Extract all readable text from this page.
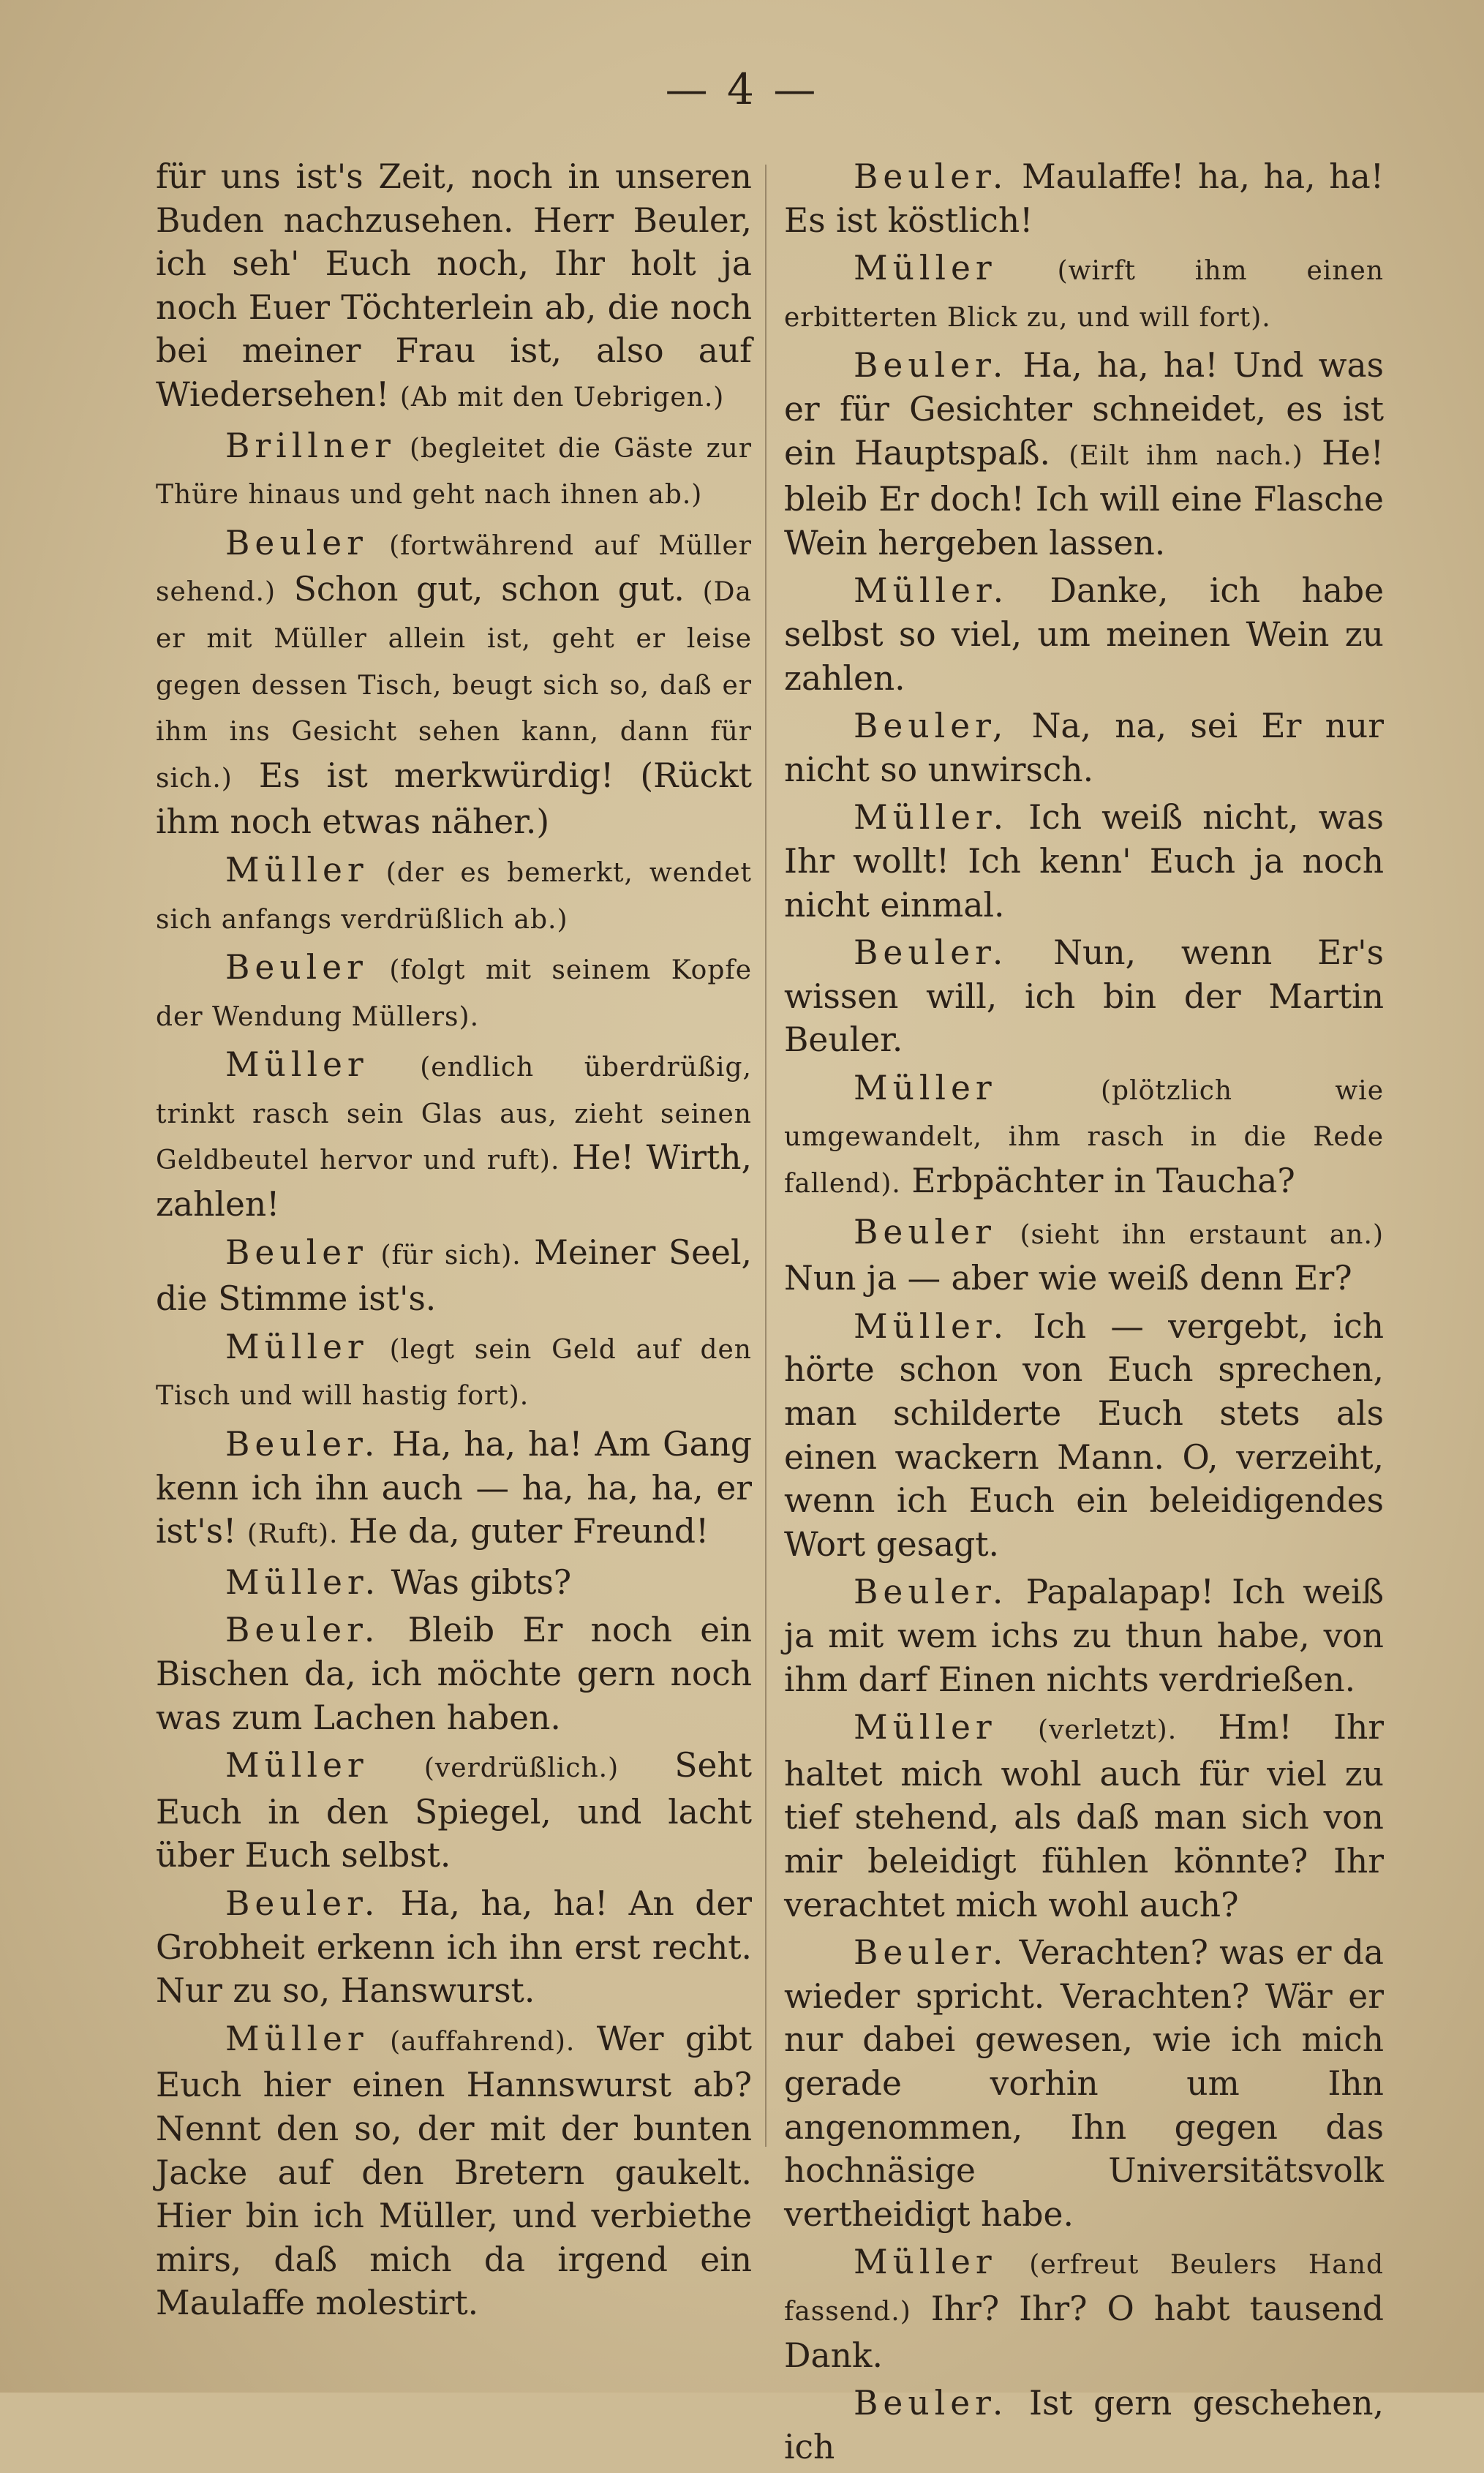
— 4 —

für uns ist's Zeit, noch in unseren Buden nachzusehen. Herr Beuler, ich seh' Euch noch, Ihr holt ja noch Euer Töchterlein ab, die noch bei meiner Frau ist, also auf Wiedersehen! (Ab mit den Uebrigen.)

Brillner (begleitet die Gäste zur Thüre hinaus und geht nach ihnen ab.)

Beuler (fortwährend auf Müller sehend.) Schon gut, schon gut. (Da er mit Müller allein ist, geht er leise gegen dessen Tisch, beugt sich so, daß er ihm ins Gesicht sehen kann, dann für sich.) Es ist merkwürdig! (Rückt ihm noch etwas näher.)

Müller (der es bemerkt, wendet sich anfangs verdrüßlich ab.)

Beuler (folgt mit seinem Kopfe der Wendung Müllers).

Müller (endlich überdrüßig, trinkt rasch sein Glas aus, zieht seinen Geldbeutel hervor und ruft). He! Wirth, zahlen!

Beuler (für sich). Meiner Seel, die Stimme ist's.

Müller (legt sein Geld auf den Tisch und will hastig fort).

Beuler. Ha, ha, ha! Am Gang kenn ich ihn auch — ha, ha, ha, er ist's! (Ruft). He da, guter Freund!

Müller. Was gibts?

Beuler. Bleib Er noch ein Bischen da, ich möchte gern noch was zum Lachen haben.

Müller (verdrüßlich.) Seht Euch in den Spiegel, und lacht über Euch selbst.

Beuler. Ha, ha, ha! An der Grobheit erkenn ich ihn erst recht. Nur zu so, Hanswurst.

Müller (auffahrend). Wer gibt Euch hier einen Hannswurst ab? Nennt den so, der mit der bunten Jacke auf den Bretern gaukelt. Hier bin ich Müller, und verbiethe mirs, daß mich da irgend ein Maulaffe molestirt.

Beuler. Maulaffe! ha, ha, ha! Es ist köstlich!

Müller (wirft ihm einen erbitterten Blick zu, und will fort).

Beuler. Ha, ha, ha! Und was er für Gesichter schneidet, es ist ein Hauptspaß. (Eilt ihm nach.) He! bleib Er doch! Ich will eine Flasche Wein hergeben lassen.

Müller. Danke, ich habe selbst so viel, um meinen Wein zu zahlen.

Beuler, Na, na, sei Er nur nicht so unwirsch.

Müller. Ich weiß nicht, was Ihr wollt! Ich kenn' Euch ja noch nicht einmal.

Beuler. Nun, wenn Er's wissen will, ich bin der Martin Beuler.

Müller	(plötzlich wie umgewandelt, ihm rasch in die Rede fallend). Erbpächter in Taucha?

Beuler (sieht ihn erstaunt an.) Nun ja — aber wie weiß denn Er?

Müller. Ich — vergebt, ich hörte schon von Euch sprechen, man schilderte Euch stets als einen wackern Mann. O, verzeiht, wenn ich Euch ein beleidigendes Wort gesagt.

Beuler. Papalapap! Ich weiß ja mit wem ichs zu thun habe, von ihm darf Einen nichts verdrießen.

Müller (verletzt). Hm! Ihr haltet mich wohl auch für viel zu tief stehend, als daß man sich von mir beleidigt fühlen könnte? Ihr verachtet mich wohl auch?

Beuler. Verachten? was er da wieder spricht. Verachten? Wär er nur dabei gewesen, wie ich mich gerade vorhin um Ihn angenommen, Ihn gegen das hochnäsige Universitätsvolk vertheidigt habe.

Müller (erfreut Beulers Hand fassend.) Ihr? Ihr? O habt tausend Dank.

Beuler. Ist gern geschehen, ich
